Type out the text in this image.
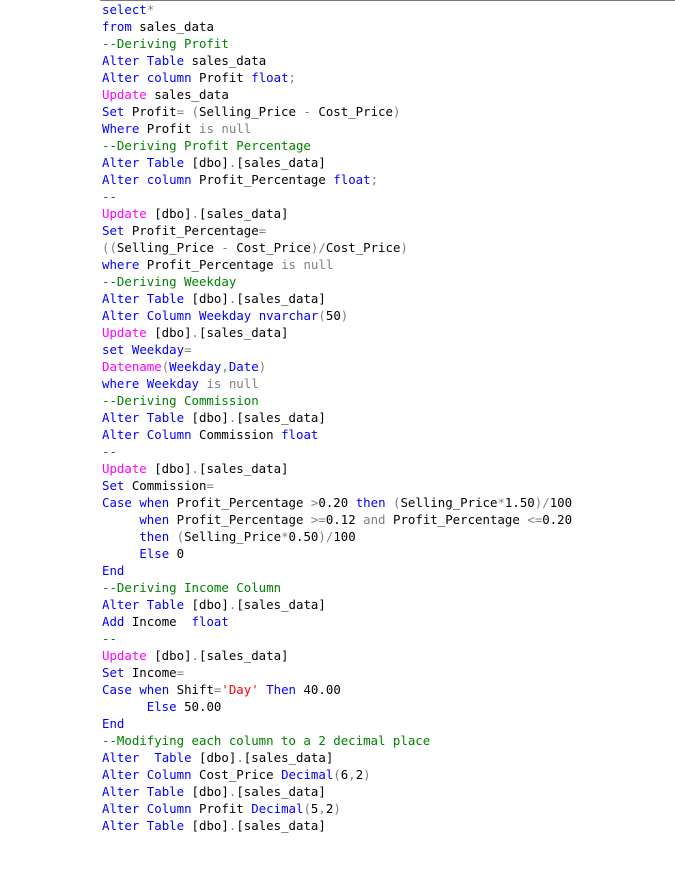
select*
from sales_data
--Deriving Profit
Alter Table sales_data
Alter column Profit float;
Update sales_data
Set Profit= (Selling_Price - Cost_Price)
Where Profit is null
--Deriving Profit Percentage
Alter Table [dbo].[sales_data]
Alter column Profit_Percentage float;
--
Update [dbo].[sales_data]
Set Profit_Percentage=
((Selling_Price - Cost_Price)/Cost_Price)
where Profit_Percentage is null
--Deriving Weekday
Alter Table [dbo].[sales_data]
Alter Column Weekday nvarchar(50)
Update [dbo].[sales_data]
set Weekday=
Datename(Weekday,Date)
where Weekday is null
--Deriving Commission
Alter Table [dbo].[sales_data]
Alter Column Commission float
--
Update [dbo].[sales_data]
Set Commission=
Case when Profit_Percentage >0.20 then (Selling_Price*1.50)/100
when Profit_Percentage >=0.12 and Profit_Percentage <=0.20
then (Selling_Price*0.50)/100
Else 0
End
--Deriving Income Column
Alter Table [dbo].[sales_data]
Add Income  float
--
Update [dbo].[sales_data]
Set Income=
Case when Shift='Day' Then 40.00
Else 50.00
End
--Modifying each column to a 2 decimal place
Alter Table [dbo].[sales_data]
Alter Column Cost_Price Decimal(6,2)
Alter Table [dbo].[sales_data]
Alter Column Profit Decimal(5,2)
Alter Table [dbo].[sales_data]
